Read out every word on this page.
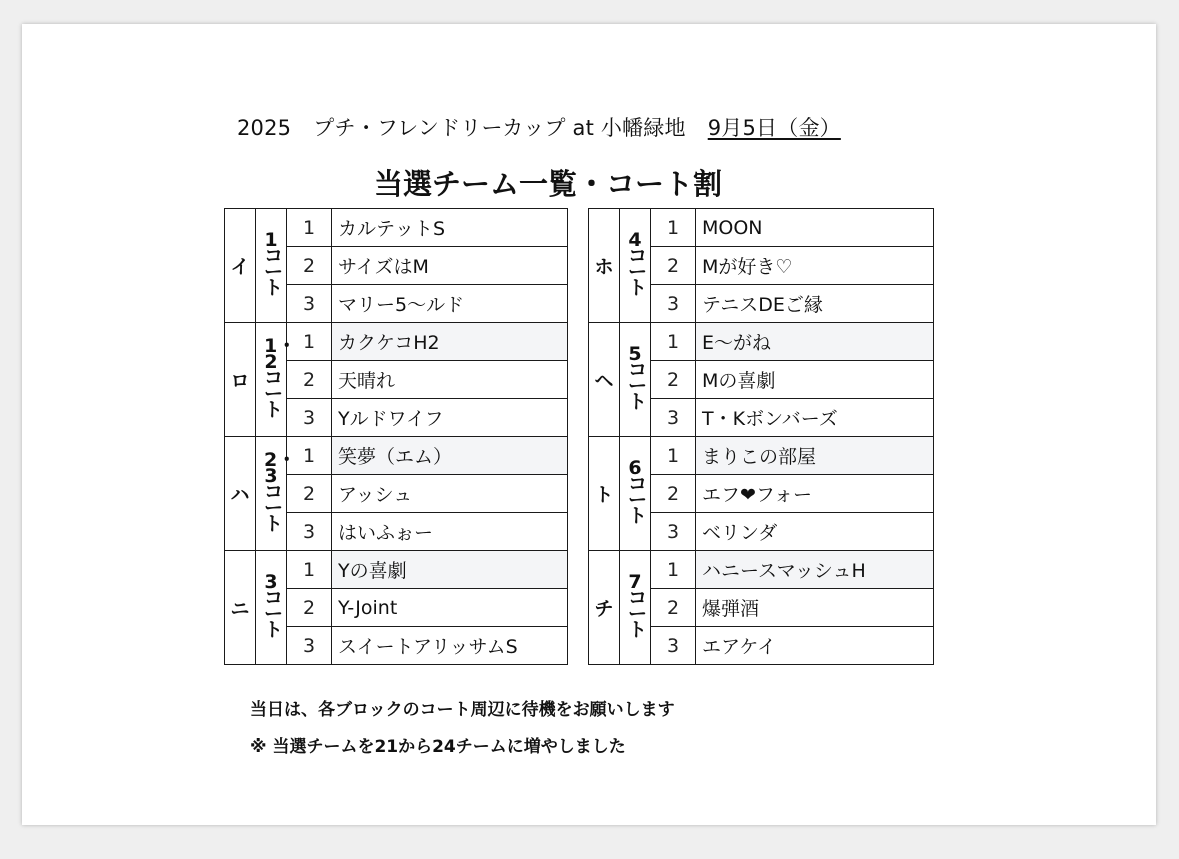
2025 プチ・フレンドリーカップ at 小幡緑地 9月5日（金）
当選チーム一覧・コート割
イ	1コート	1	カルテットS
		2	サイズはM
		3	マリー5～ルド
ロ	1・2コート	1	カクケコH2
		2	天晴れ
		3	Yルドワイフ
ハ	2・3コート	1	笑夢（エム）
		2	アッシュ
		3	はいふぉー
ニ	3コート	1	Yの喜劇
		2	Y-Joint
		3	スイートアリッサムS
ホ	4コート	1	MOON
		2	Mが好き♡
		3	テニスDEご縁
ヘ	5コート	1	E～がね
		2	Mの喜劇
		3	T・Kボンバーズ
ト	6コート	1	まりこの部屋
		2	エフ❤フォー
		3	ベリンダ
チ	7コート	1	ハニースマッシュH
		2	爆弾酒
		3	エアケイ
当日は、各ブロックのコート周辺に待機をお願いします
※ 当選チームを21から24チームに増やしました
